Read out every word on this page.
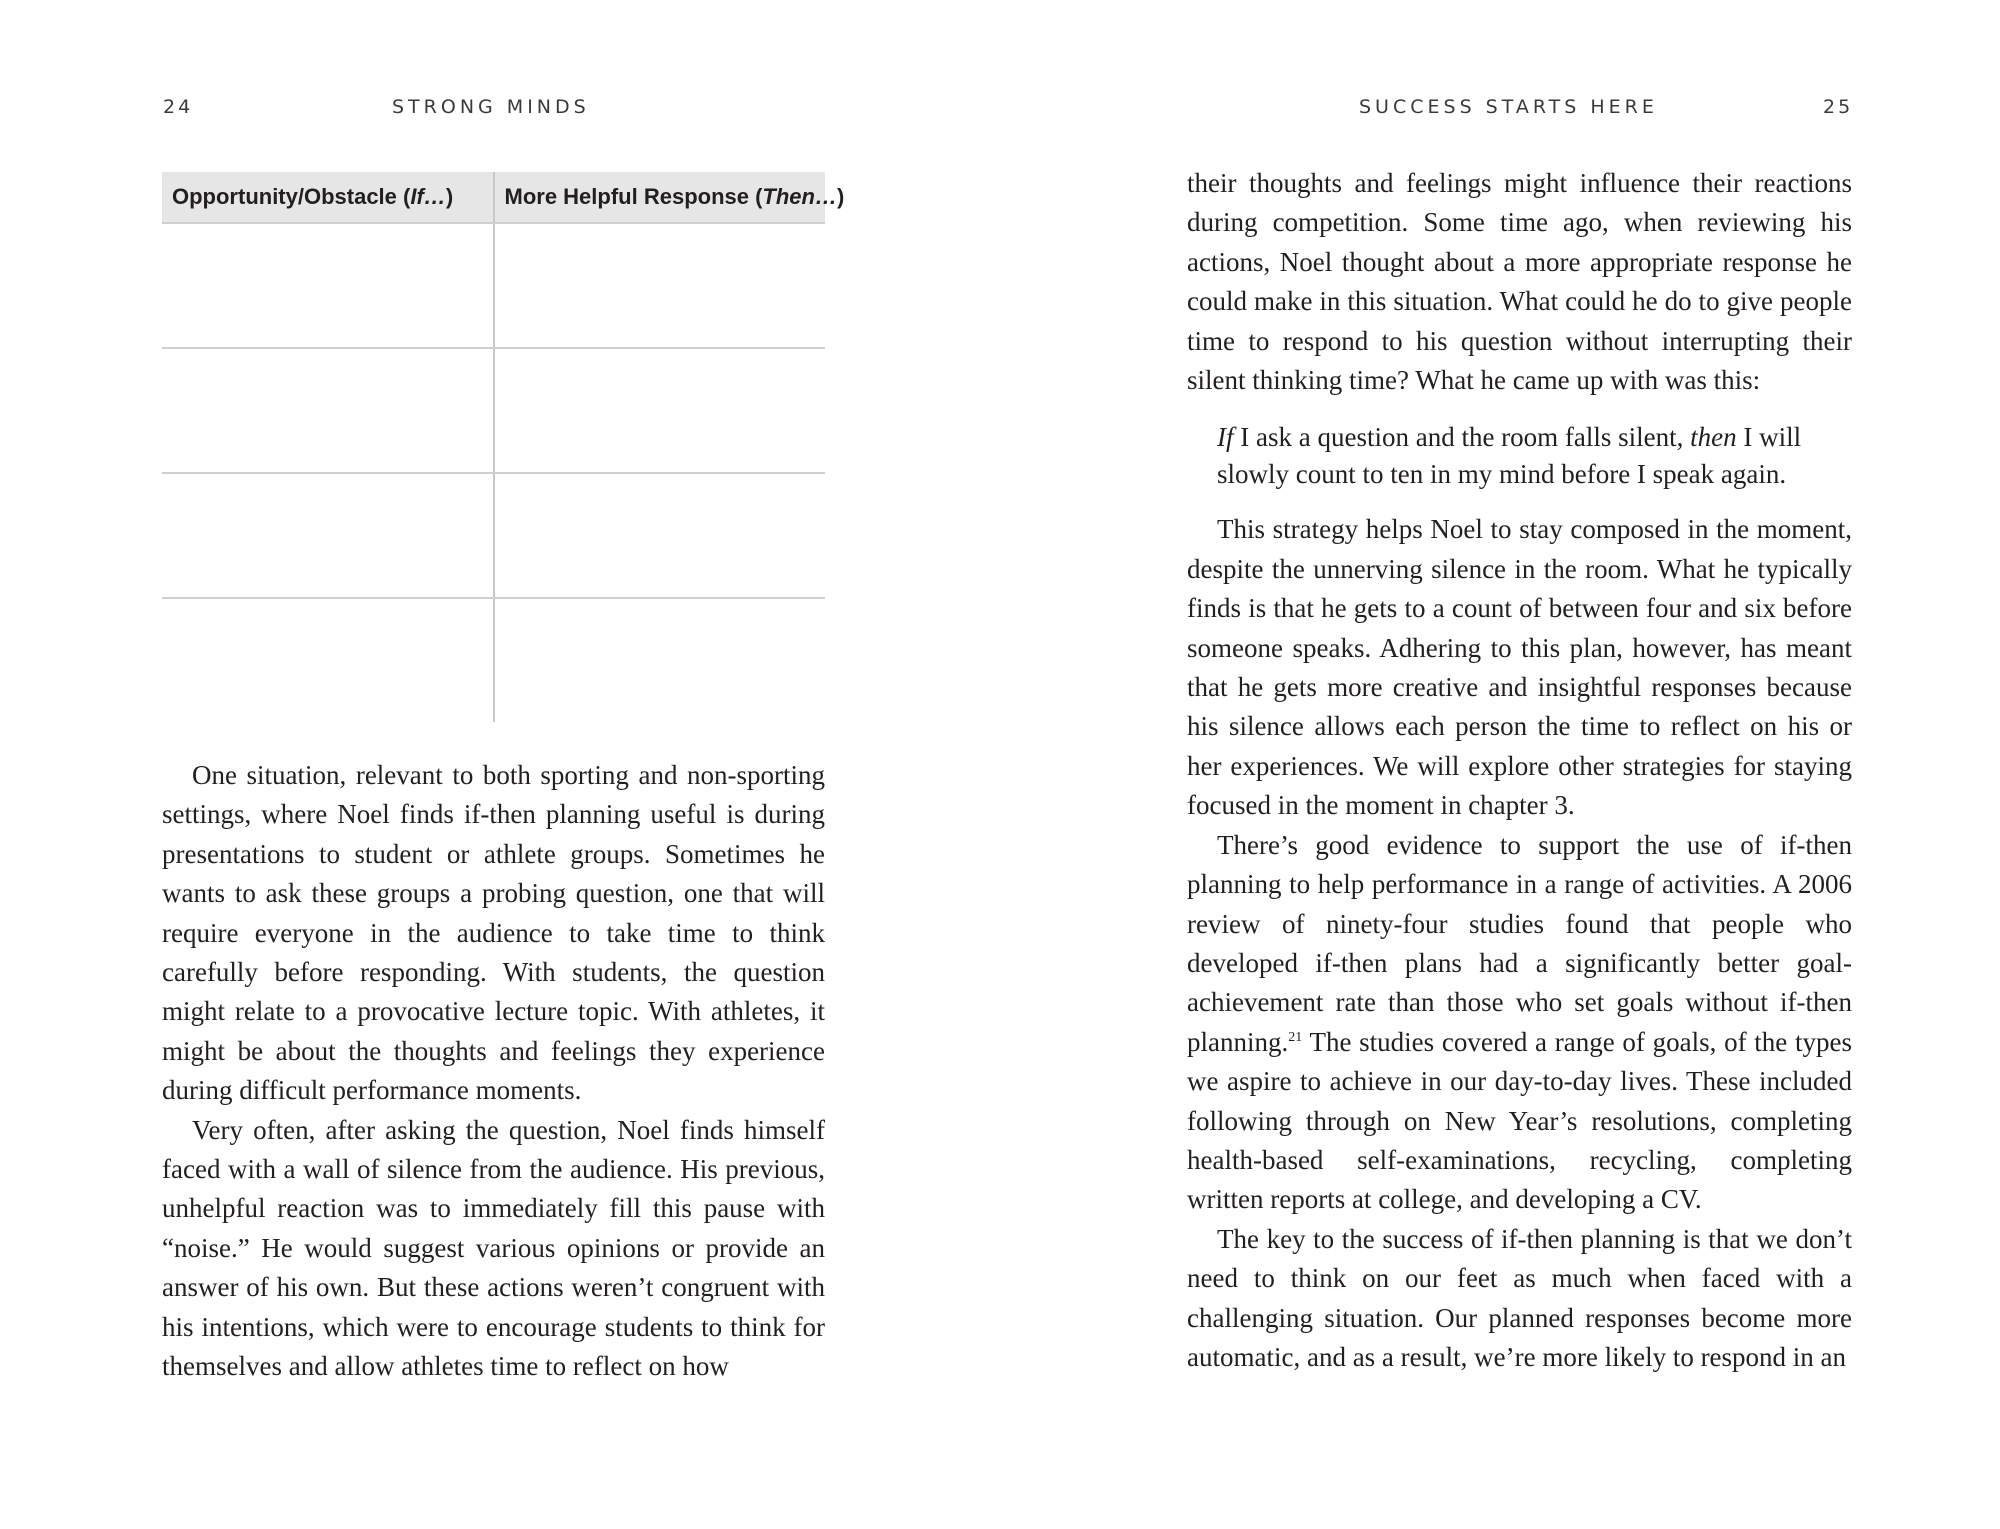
24	STRONG MINDS
Opportunity/Obstacle (If…)	More Helpful Response (Then…)

One situation, relevant to both sporting and non-sporting settings, where Noel finds if-then planning useful is during presentations to student or athlete groups. Sometimes he wants to ask these groups a probing question, one that will require everyone in the audience to take time to think carefully before responding. With students, the question might relate to a provocative lecture topic. With athletes, it might be about the thoughts and feelings they experience during difficult performance moments.

Very often, after asking the question, Noel finds himself faced with a wall of silence from the audience. His previous, unhelpful reaction was to immediately fill this pause with “noise.” He would suggest various opinions or provide an answer of his own. But these actions weren’t congruent with his intentions, which were to encourage students to think for themselves and allow athletes time to reflect on how

SUCCESS STARTS HERE	25

their thoughts and feelings might influence their reactions during competition. Some time ago, when reviewing his actions, Noel thought about a more appropriate response he could make in this situation. What could he do to give people time to respond to his question without interrupting their silent thinking time? What he came up with was this:

If I ask a question and the room falls silent, then I will slowly count to ten in my mind before I speak again.

This strategy helps Noel to stay composed in the moment, despite the unnerving silence in the room. What he typically finds is that he gets to a count of between four and six before someone speaks. Adhering to this plan, however, has meant that he gets more creative and insightful responses because his silence allows each person the time to reflect on his or her experiences. We will explore other strategies for staying focused in the moment in chapter 3.

There’s good evidence to support the use of if-then planning to help performance in a range of activities. A 2006 review of ninety-four studies found that people who developed if-then plans had a significantly better goal-achievement rate than those who set goals without if-then planning.$^{21}$ The studies covered a range of goals, of the types we aspire to achieve in our day-to-day lives. These included following through on New Year’s resolutions, completing health-based self-examinations, recycling, completing written reports at college, and developing a CV.

The key to the success of if-then planning is that we don’t need to think on our feet as much when faced with a challenging situation. Our planned responses become more automatic, and as a result, we’re more likely to respond in an
